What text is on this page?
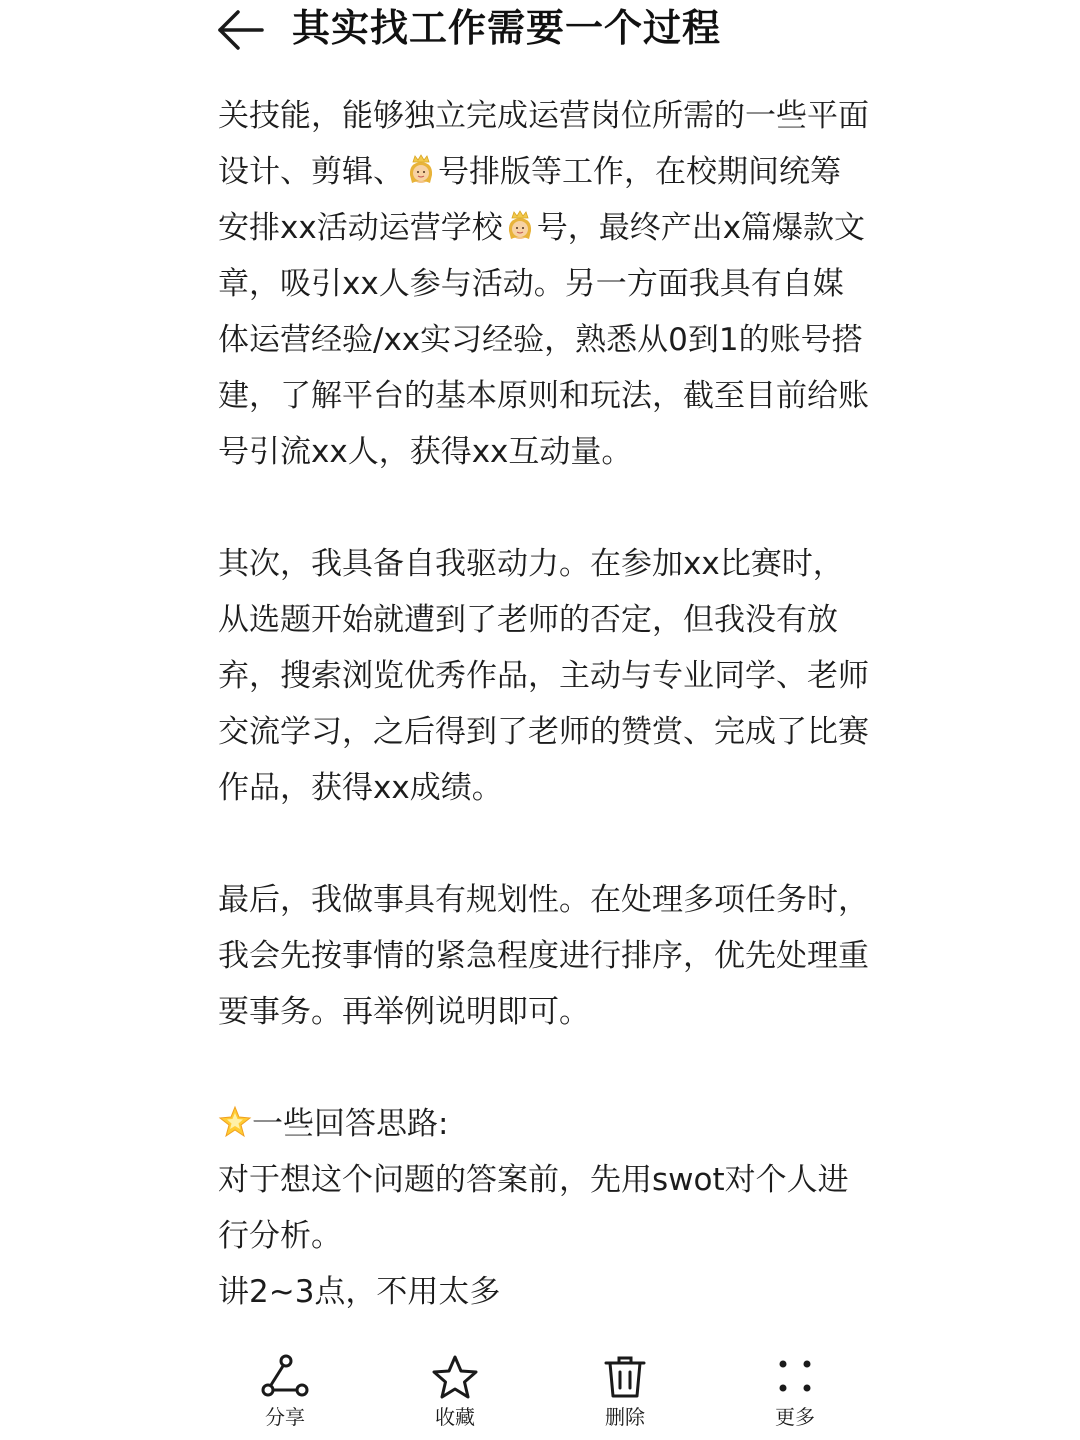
其实找工作需要一个过程

关技能，能够独立完成运营岗位所需的一些平面设计、剪辑、 号排版等工作，在校期间统筹安排xx活动运营学校 号，最终产出x篇爆款文章，吸引xx人参与活动。另一方面我具有自媒体运营经验/xx实习经验，熟悉从0到1的账号搭建，了解平台的基本原则和玩法，截至目前给账号引流xx人，获得xx互动量。

其次，我具备自我驱动力。在参加xx比赛时， 从选题开始就遭到了老师的否定，但我没有放弃，搜索浏览优秀作品，主动与专业同学、老师交流学习，之后得到了老师的赞赏、完成了比赛作品，获得xx成绩。

最后，我做事具有规划性。在处理多项任务时，我会先按事情的紧急程度进行排序，优先处理重要事务。再举例说明即可。

一些回答思路:

对于想这个问题的答案前，先用swot对个人进行分析。

讲2~3点，不用太多

分享	收藏	删除	更多
